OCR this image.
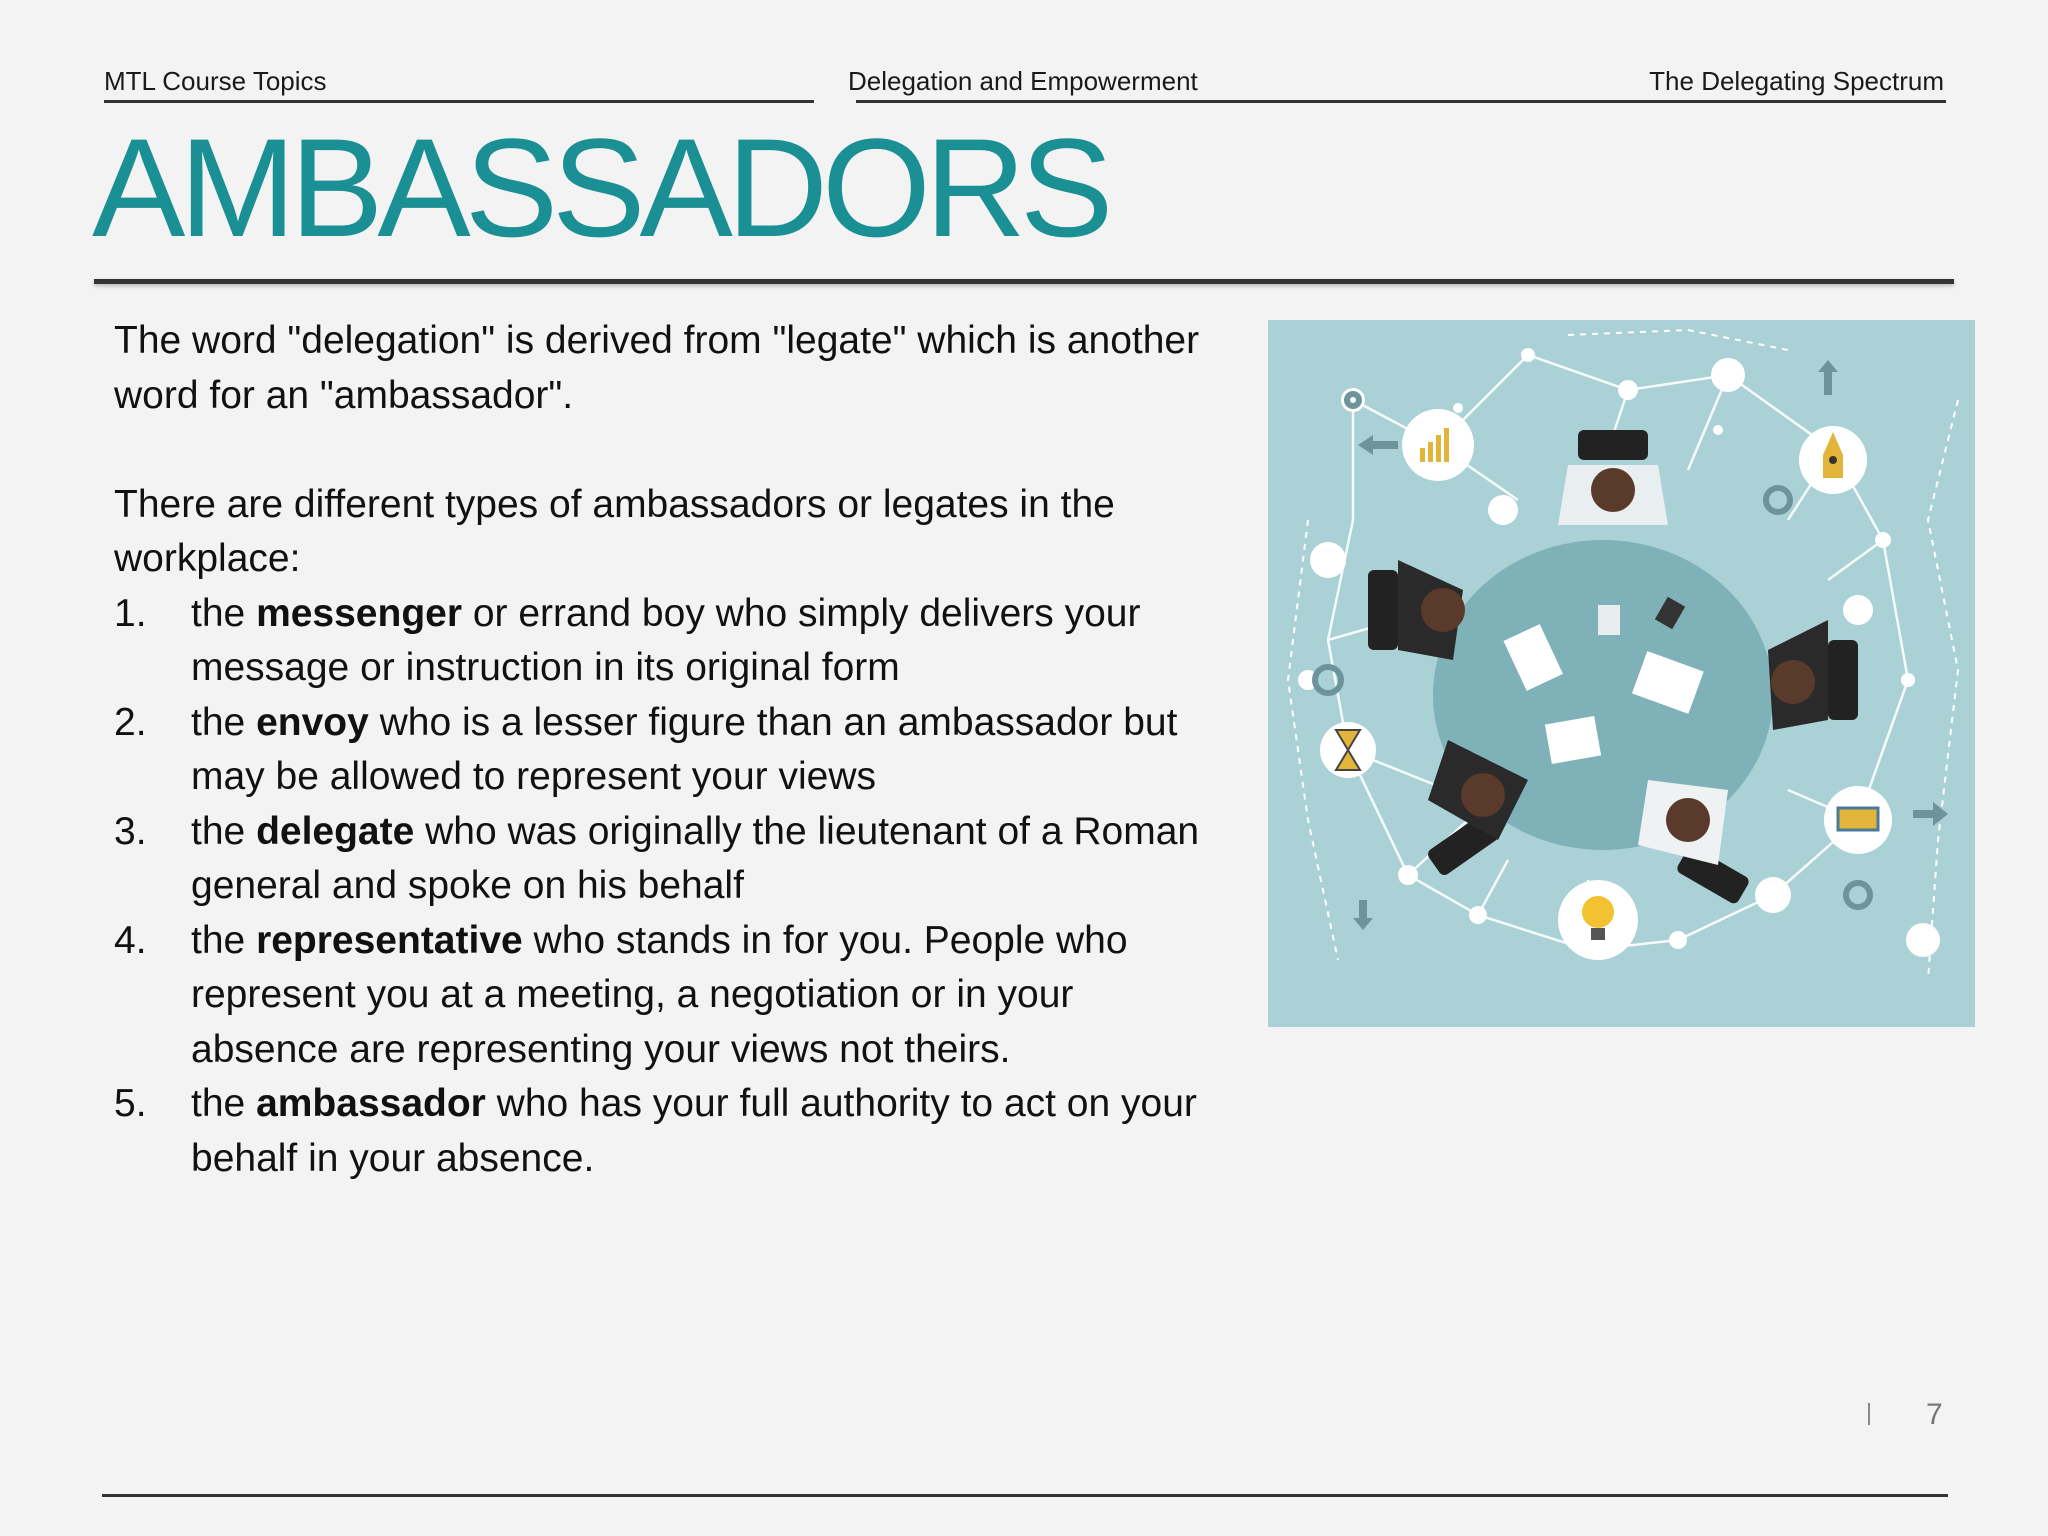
MTL Course Topics	Delegation and Empowerment	The Delegating Spectrum
AMBASSADORS

The word "delegation" is derived from "legate" which is another word for an "ambassador".

There are different types of ambassadors or legates in the workplace:

1. the messenger or errand boy who simply delivers your message or instruction in its original form
2. the envoy who is a lesser figure than an ambassador but may be allowed to represent your views
3. the delegate who was originally the lieutenant of a Roman general and spoke on his behalf
4. the representative who stands in for you. People who represent you at a meeting, a negotiation or in your absence are representing your views not theirs.
5. the ambassador who has your full authority to act on your behalf in your absence.
7
